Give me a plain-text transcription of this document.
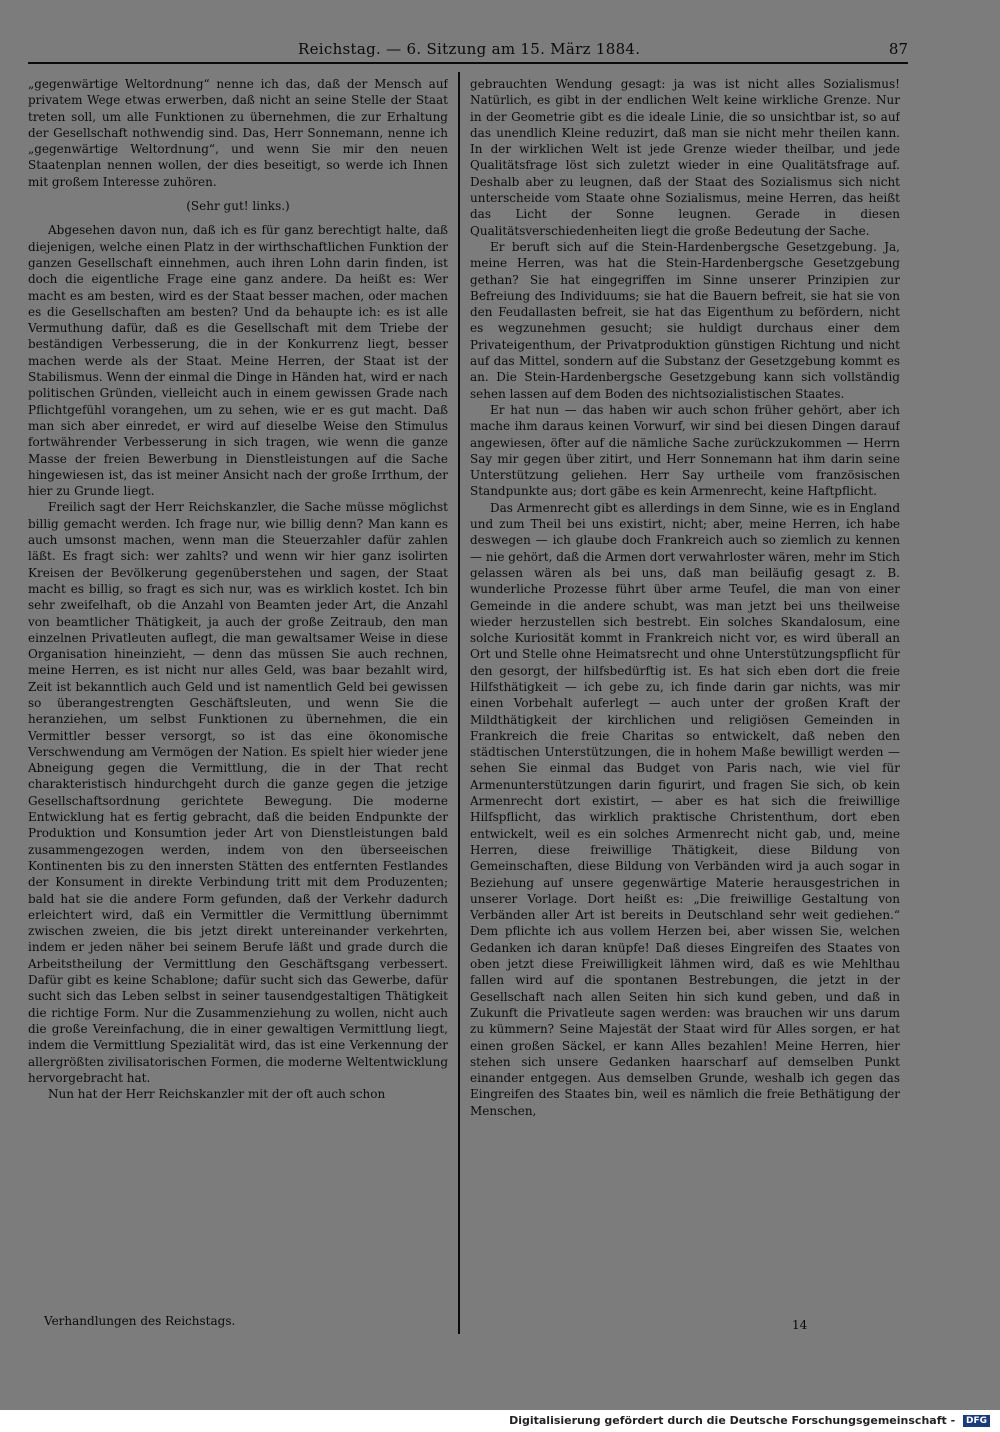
Reichstag. — 6. Sitzung am 15. März 1884.	87

„gegenwärtige Weltordnung“ nenne ich das, daß der Mensch auf privatem Wege etwas erwerben, daß nicht an seine Stelle der Staat treten soll, um alle Funktionen zu übernehmen, die zur Erhaltung der Gesellschaft nothwendig sind. Das, Herr Sonnemann, nenne ich „gegenwärtige Weltordnung“, und wenn Sie mir den neuen Staatenplan nennen wollen, der dies beseitigt, so werde ich Ihnen mit großem Interesse zuhören.

(Sehr gut! links.)

Abgesehen davon nun, daß ich es für ganz berechtigt halte, daß diejenigen, welche einen Platz in der wirthschaftlichen Funktion der ganzen Gesellschaft einnehmen, auch ihren Lohn darin finden, ist doch die eigentliche Frage eine ganz andere. Da heißt es: Wer macht es am besten, wird es der Staat besser machen, oder machen es die Gesellschaften am besten? Und da behaupte ich: es ist alle Vermuthung dafür, daß es die Gesellschaft mit dem Triebe der beständigen Verbesserung, die in der Konkurrenz liegt, besser machen werde als der Staat. Meine Herren, der Staat ist der Stabilismus. Wenn der einmal die Dinge in Händen hat, wird er nach politischen Gründen, vielleicht auch in einem gewissen Grade nach Pflichtgefühl vorangehen, um zu sehen, wie er es gut macht. Daß man sich aber einredet, er wird auf dieselbe Weise den Stimulus fortwährender Verbesserung in sich tragen, wie wenn die ganze Masse der freien Bewerbung in Dienstleistungen auf die Sache hingewiesen ist, das ist meiner Ansicht nach der große Irrthum, der hier zu Grunde liegt.

Freilich sagt der Herr Reichskanzler, die Sache müsse möglichst billig gemacht werden. Ich frage nur, wie billig denn? Man kann es auch umsonst machen, wenn man die Steuerzahler dafür zahlen läßt. Es fragt sich: wer zahlts? und wenn wir hier ganz isolirten Kreisen der Bevölkerung gegenüberstehen und sagen, der Staat macht es billig, so fragt es sich nur, was es wirklich kostet. Ich bin sehr zweifelhaft, ob die Anzahl von Beamten jeder Art, die Anzahl von beamtlicher Thätigkeit, ja auch der große Zeitraub, den man einzelnen Privatleuten auflegt, die man gewaltsamer Weise in diese Organisation hineinzieht, — denn das müssen Sie auch rechnen, meine Herren, es ist nicht nur alles Geld, was baar bezahlt wird, Zeit ist bekanntlich auch Geld und ist namentlich Geld bei gewissen so überangestrengten Geschäftsleuten, und wenn Sie die heranziehen, um selbst Funktionen zu übernehmen, die ein Vermittler besser versorgt, so ist das eine ökonomische Verschwendung am Vermögen der Nation. Es spielt hier wieder jene Abneigung gegen die Vermittlung, die in der That recht charakteristisch hindurchgeht durch die ganze gegen die jetzige Gesellschaftsordnung gerichtete Bewegung. Die moderne Entwicklung hat es fertig gebracht, daß die beiden Endpunkte der Produktion und Konsumtion jeder Art von Dienstleistungen bald zusammengezogen werden, indem von den überseeischen Kontinenten bis zu den innersten Stätten des entfernten Festlandes der Konsument in direkte Verbindung tritt mit dem Produzenten; bald hat sie die andere Form gefunden, daß der Verkehr dadurch erleichtert wird, daß ein Vermittler die Vermittlung übernimmt zwischen zweien, die bis jetzt direkt untereinander verkehrten, indem er jeden näher bei seinem Berufe läßt und grade durch die Arbeitstheilung der Vermittlung den Geschäftsgang verbessert. Dafür gibt es keine Schablone; dafür sucht sich das Gewerbe, dafür sucht sich das Leben selbst in seiner tausendgestaltigen Thätigkeit die richtige Form. Nur die Zusammenziehung zu wollen, nicht auch die große Vereinfachung, die in einer gewaltigen Vermittlung liegt, indem die Vermittlung Spezialität wird, das ist eine Verkennung der allergrößten zivilisatorischen Formen, die moderne Weltentwicklung hervorgebracht hat.

Nun hat der Herr Reichskanzler mit der oft auch schon

gebrauchten Wendung gesagt: ja was ist nicht alles Sozialismus! Natürlich, es gibt in der endlichen Welt keine wirkliche Grenze. Nur in der Geometrie gibt es die ideale Linie, die so unsichtbar ist, so auf das unendlich Kleine reduzirt, daß man sie nicht mehr theilen kann. In der wirklichen Welt ist jede Grenze wieder theilbar, und jede Qualitätsfrage löst sich zuletzt wieder in eine Qualitätsfrage auf. Deshalb aber zu leugnen, daß der Staat des Sozialismus sich nicht unterscheide vom Staate ohne Sozialismus, meine Herren, das heißt das Licht der Sonne leugnen. Gerade in diesen Qualitätsverschiedenheiten liegt die große Bedeutung der Sache.

Er beruft sich auf die Stein-Hardenbergsche Gesetzgebung. Ja, meine Herren, was hat die Stein-Hardenbergsche Gesetzgebung gethan? Sie hat eingegriffen im Sinne unserer Prinzipien zur Befreiung des Individuums; sie hat die Bauern befreit, sie hat sie von den Feudallasten befreit, sie hat das Eigenthum zu befördern, nicht es wegzunehmen gesucht; sie huldigt durchaus einer dem Privateigenthum, der Privatproduktion günstigen Richtung und nicht auf das Mittel, sondern auf die Substanz der Gesetzgebung kommt es an. Die Stein-Hardenbergsche Gesetzgebung kann sich vollständig sehen lassen auf dem Boden des nichtsozialistischen Staates.

Er hat nun — das haben wir auch schon früher gehört, aber ich mache ihm daraus keinen Vorwurf, wir sind bei diesen Dingen darauf angewiesen, öfter auf die nämliche Sache zurückzukommen — Herrn Say mir gegen über zitirt, und Herr Sonnemann hat ihm darin seine Unterstützung geliehen. Herr Say urtheile vom französischen Standpunkte aus; dort gäbe es kein Armenrecht, keine Haftpflicht.

Das Armenrecht gibt es allerdings in dem Sinne, wie es in England und zum Theil bei uns existirt, nicht; aber, meine Herren, ich habe deswegen — ich glaube doch Frankreich auch so ziemlich zu kennen — nie gehört, daß die Armen dort verwahrloster wären, mehr im Stich gelassen wären als bei uns, daß man beiläufig gesagt z. B. wunderliche Prozesse führt über arme Teufel, die man von einer Gemeinde in die andere schubt, was man jetzt bei uns theilweise wieder herzustellen sich bestrebt. Ein solches Skandalosum, eine solche Kuriosität kommt in Frankreich nicht vor, es wird überall an Ort und Stelle ohne Heimatsrecht und ohne Unterstützungspflicht für den gesorgt, der hilfsbedürftig ist. Es hat sich eben dort die freie Hilfsthätigkeit — ich gebe zu, ich finde darin gar nichts, was mir einen Vorbehalt auferlegt — auch unter der großen Kraft der Mildthätigkeit der kirchlichen und religiösen Gemeinden in Frankreich die freie Charitas so entwickelt, daß neben den städtischen Unterstützungen, die in hohem Maße bewilligt werden — sehen Sie einmal das Budget von Paris nach, wie viel für Armenunterstützungen darin figurirt, und fragen Sie sich, ob kein Armenrecht dort existirt, — aber es hat sich die freiwillige Hilfspflicht, das wirklich praktische Christenthum, dort eben entwickelt, weil es ein solches Armenrecht nicht gab, und, meine Herren, diese freiwillige Thätigkeit, diese Bildung von Gemeinschaften, diese Bildung von Verbänden wird ja auch sogar in Beziehung auf unsere gegenwärtige Materie herausgestrichen in unserer Vorlage. Dort heißt es: „Die freiwillige Gestaltung von Verbänden aller Art ist bereits in Deutschland sehr weit gediehen.“ Dem pflichte ich aus vollem Herzen bei, aber wissen Sie, welchen Gedanken ich daran knüpfe! Daß dieses Eingreifen des Staates von oben jetzt diese Freiwilligkeit lähmen wird, daß es wie Mehlthau fallen wird auf die spontanen Bestrebungen, die jetzt in der Gesellschaft nach allen Seiten hin sich kund geben, und daß in Zukunft die Privatleute sagen werden: was brauchen wir uns darum zu kümmern? Seine Majestät der Staat wird für Alles sorgen, er hat einen großen Säckel, er kann Alles bezahlen! Meine Herren, hier stehen sich unsere Gedanken haarscharf auf demselben Punkt einander entgegen. Aus demselben Grunde, weshalb ich gegen das Eingreifen des Staates bin, weil es nämlich die freie Bethätigung der Menschen,

Verhandlungen des Reichstags.	14
Digitalisierung gefördert durch die Deutsche Forschungsgemeinschaft - DFG
